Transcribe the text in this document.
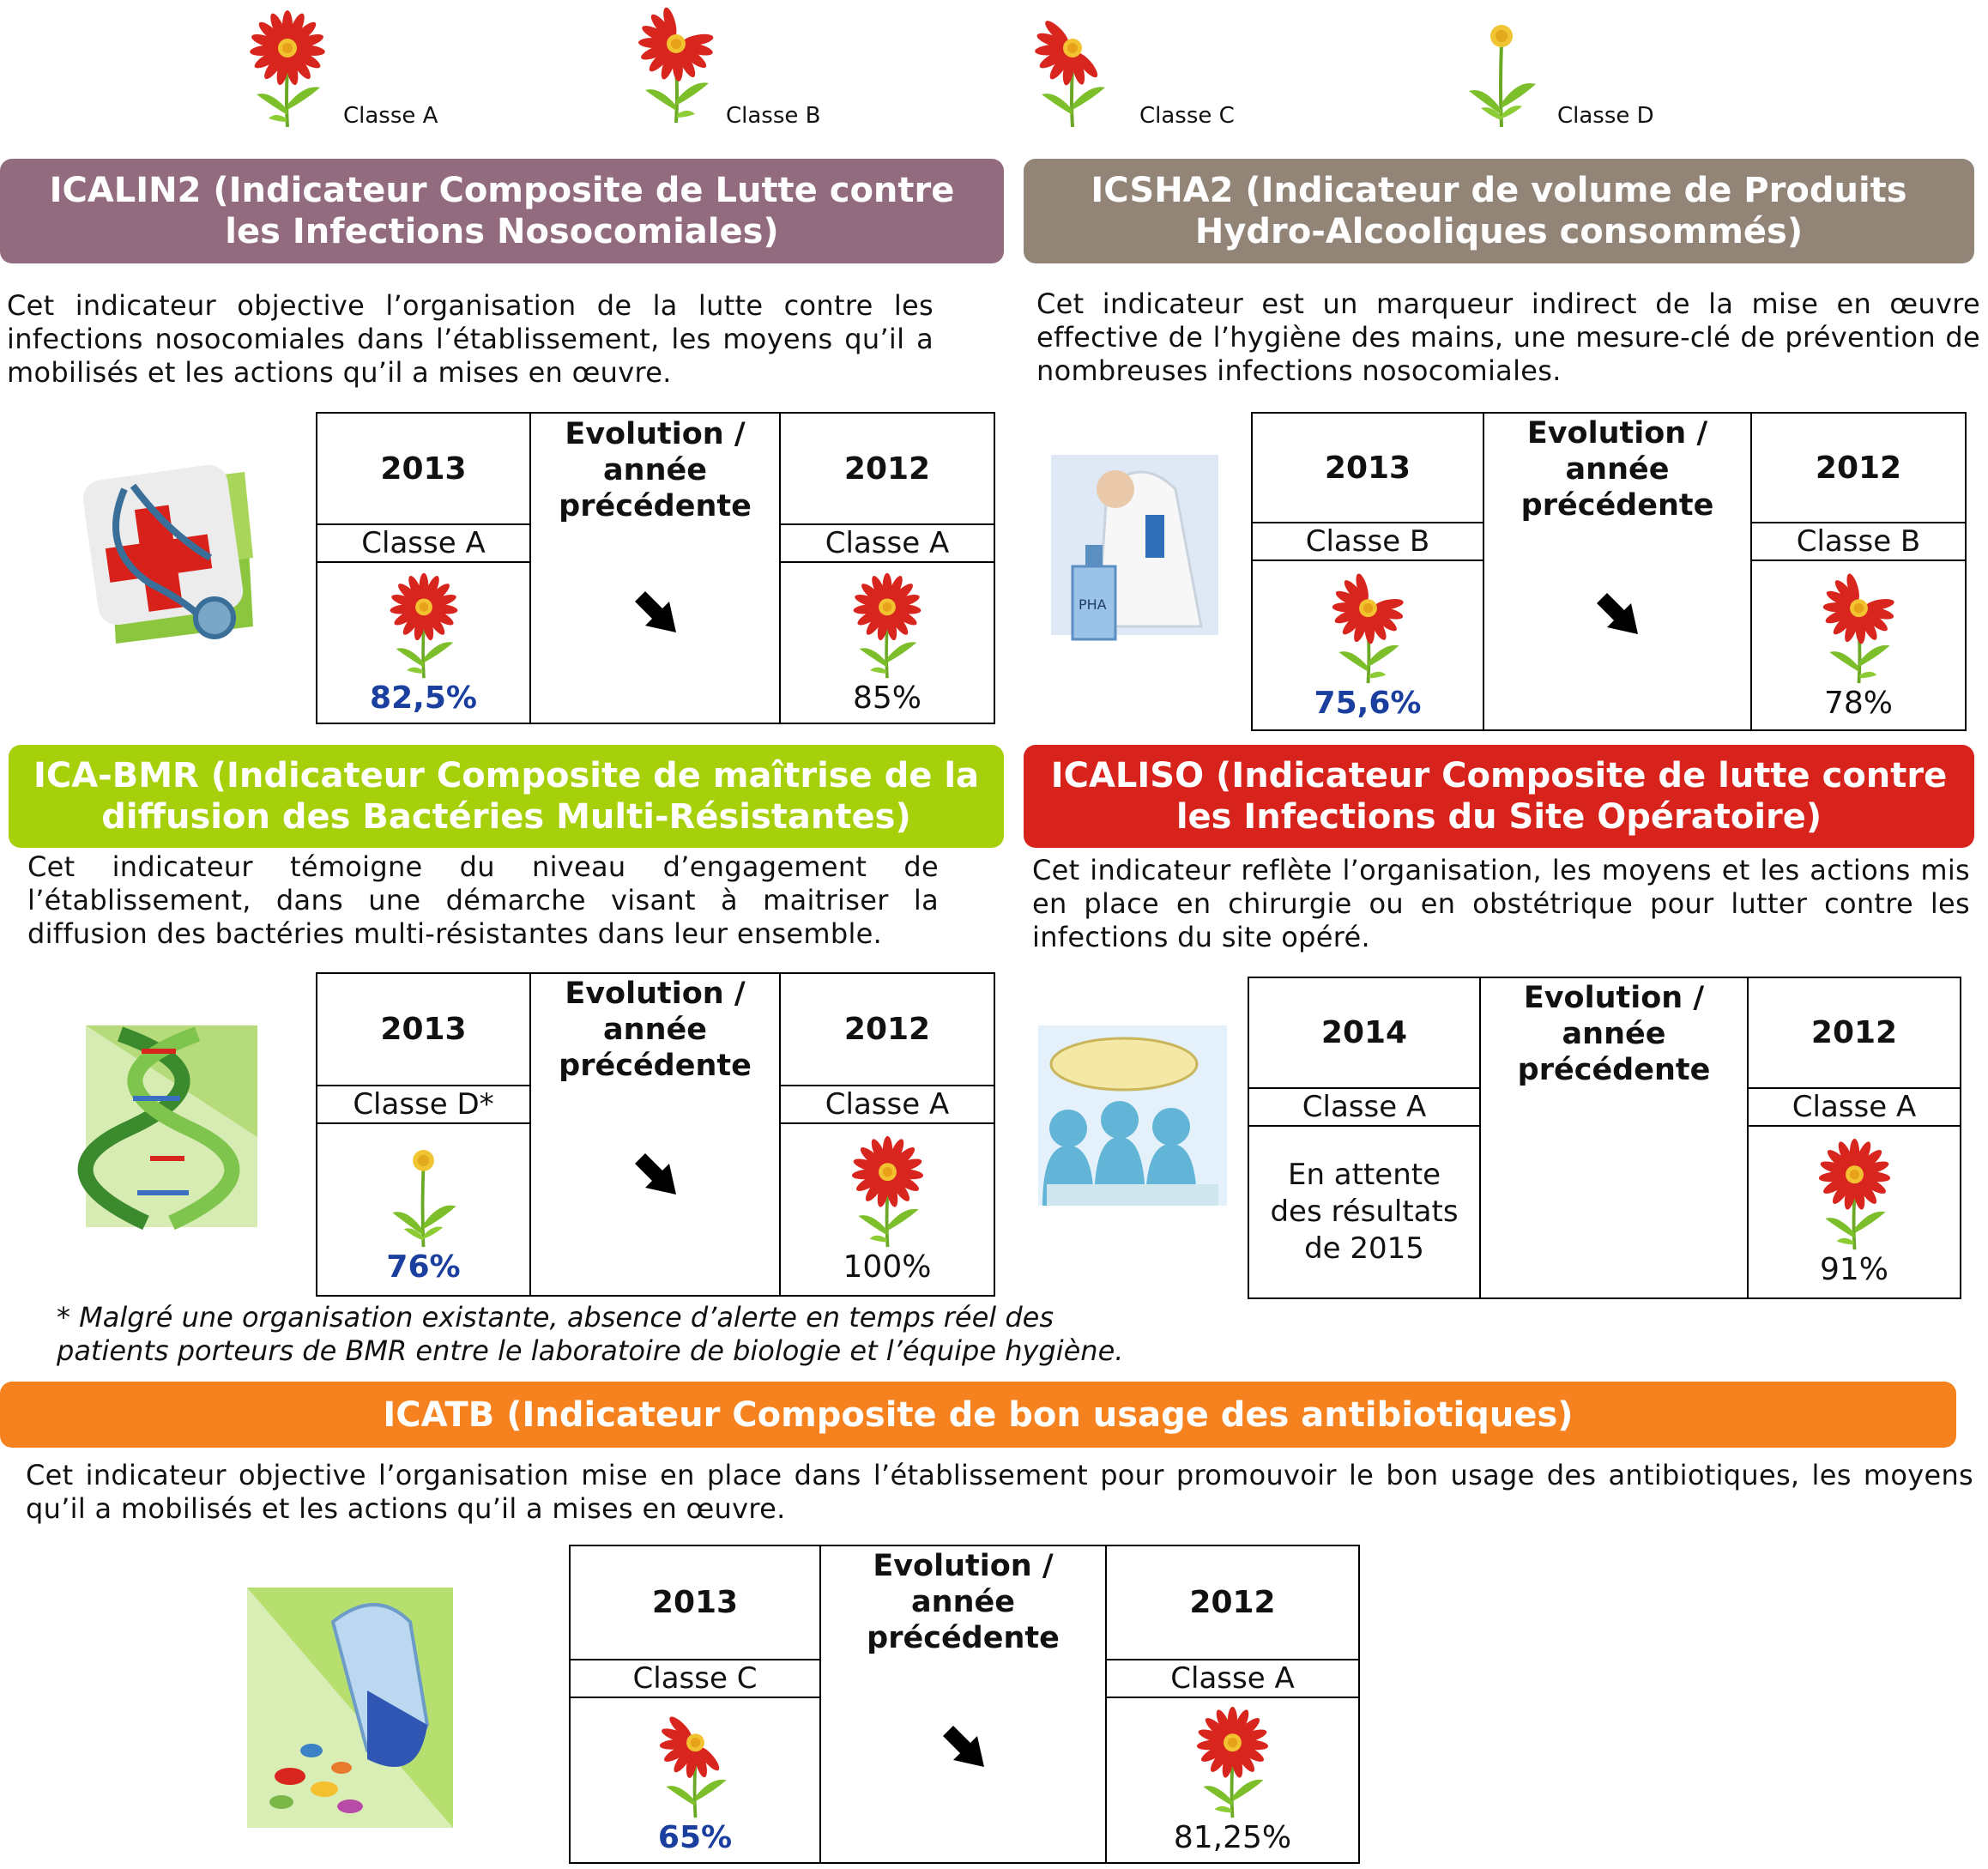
Classe A	Classe B	Classe C	Classe D
ICALIN2 (Indicateur Composite de Lutte contre les Infections Nosocomiales)
Cet indicateur objective l’organisation de la lutte contre les infections nosocomiales dans l’établissement, les moyens qu’il a mobilisés et les actions qu’il a mises en œuvre.
2013	Evolution / année précédente	2012
Classe A		Classe A

82,5%		85%
ICSHA2 (Indicateur de volume de Produits Hydro-Alcooliques consommés)
Cet indicateur est un marqueur indirect de la mise en œuvre effective de l’hygiène des mains, une mesure-clé de prévention de nombreuses infections nosocomiales.
PHA
2013	Evolution / année précédente	2012
Classe B		Classe B

75,6%		78%
ICA-BMR (Indicateur Composite de maîtrise de la diffusion des Bactéries Multi-Résistantes)
Cet indicateur témoigne du niveau d’engagement de l’établissement, dans une démarche visant à maitriser la diffusion des bactéries multi-résistantes dans leur ensemble.
2013	Evolution / année précédente	2012
Classe D*		Classe A

76%		100%
* Malgré une organisation existante, absence d’alerte en temps réel des patients porteurs de BMR entre le laboratoire de biologie et l’équipe hygiène.
ICALISO (Indicateur Composite de lutte contre les Infections du Site Opératoire)
Cet indicateur reflète l’organisation, les moyens et les actions mis en place en chirurgie ou en obstétrique pour lutter contre les infections du site opéré.
2014	Evolution / année précédente	2012
Classe A		Classe A

En attente des résultats de 2015		91%
ICATB (Indicateur Composite de bon usage des antibiotiques)
Cet indicateur objective l’organisation mise en place dans l’établissement pour promouvoir le bon usage des antibiotiques, les moyens qu’il a mobilisés et les actions qu’il a mises en œuvre.
2013	Evolution / année précédente	2012
Classe C		Classe A

65%		81,25%
